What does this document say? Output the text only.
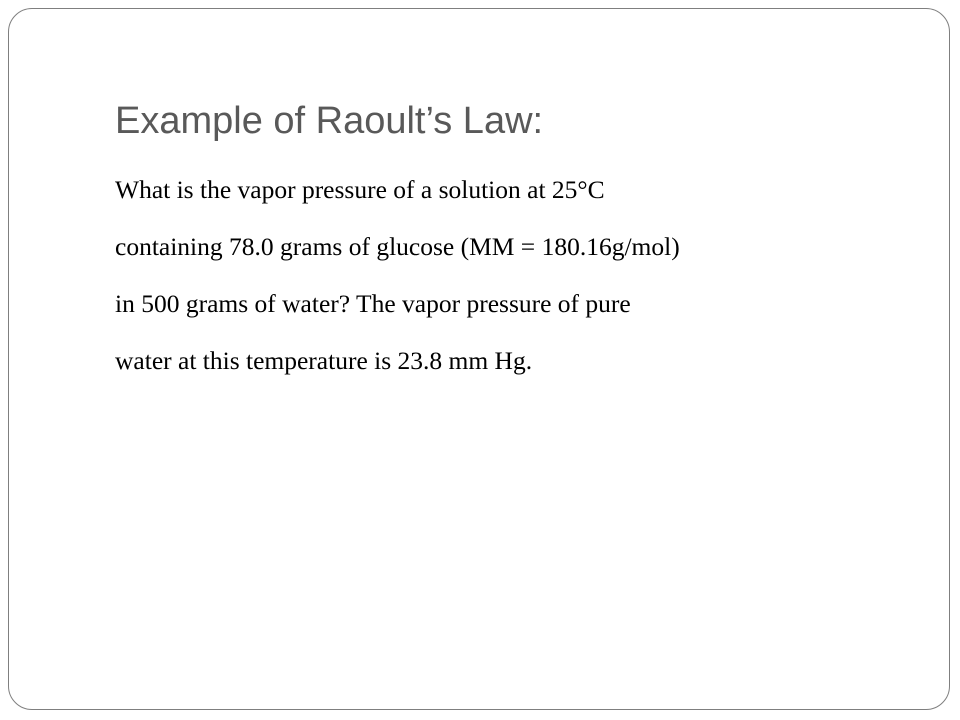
Example of Raoult’s Law:
What is the vapor pressure of a solution at 25°C
containing 78.0 grams of glucose (MM = 180.16g/mol)
in 500 grams of water? The vapor pressure of pure
water at this temperature is 23.8 mm Hg.
